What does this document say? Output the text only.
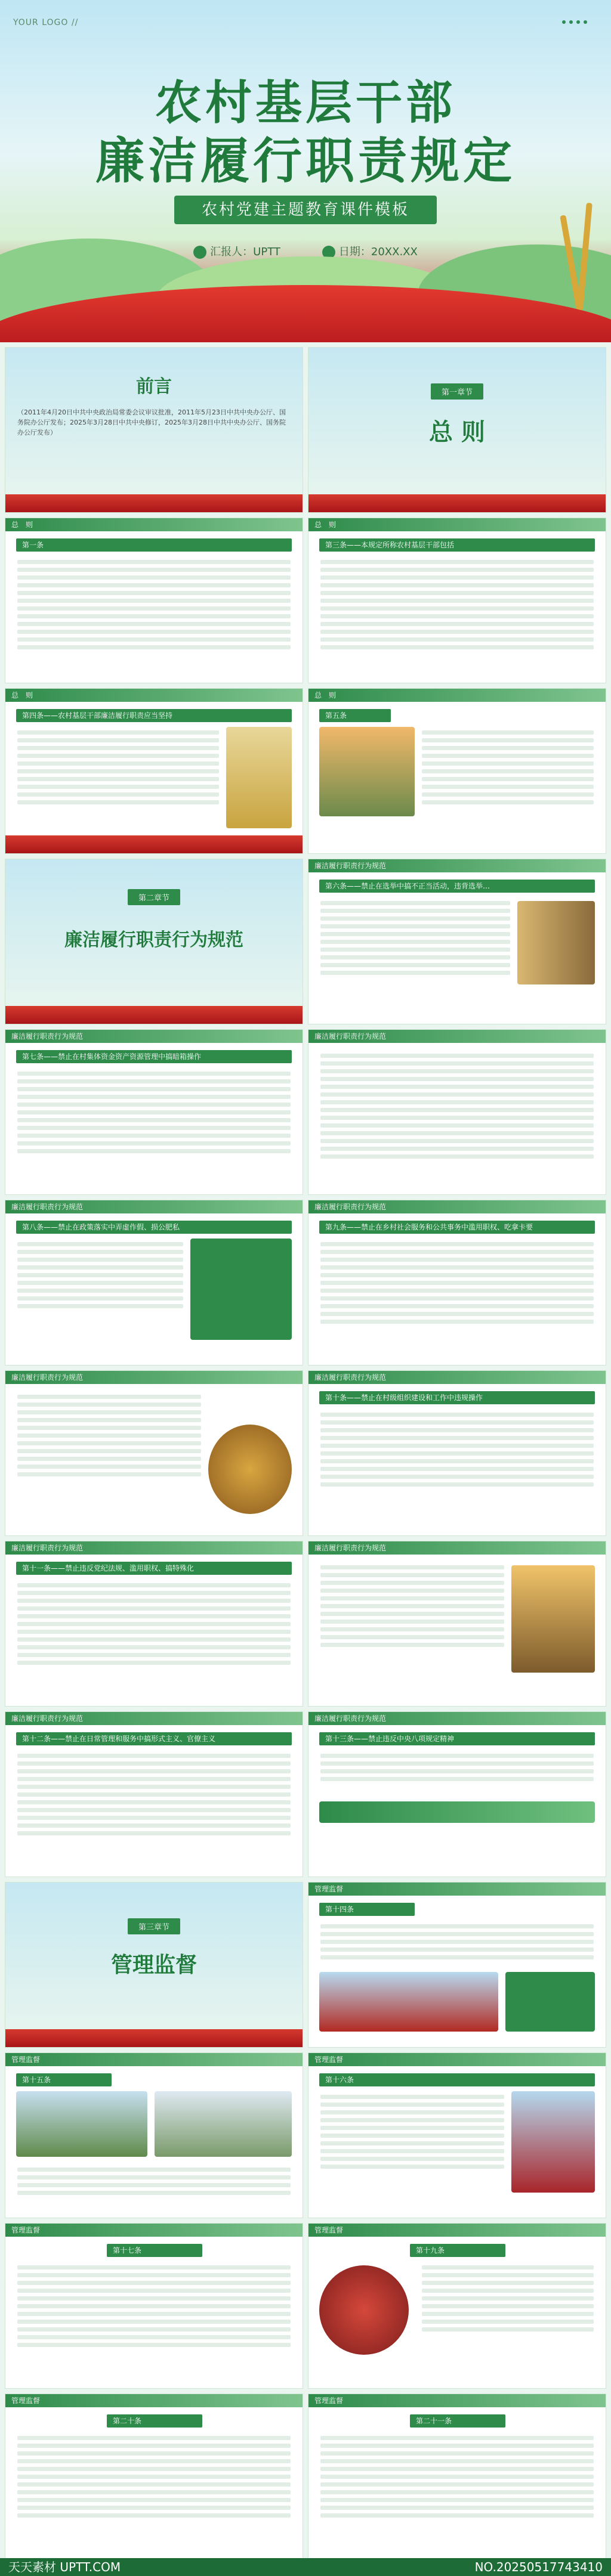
YOUR LOGO //
农村基层干部
廉洁履行职责规定
农村党建主题教育课件模板
汇报人：UPTT	日期：20XX.XX
前言
（2011年4月20日中共中央政治局常委会议审议批准，2011年5月23日中共中央办公厅、国务院办公厅发布；2025年3月28日中共中央修订，2025年3月28日中共中央办公厅、国务院办公厅发布）
第一章节
总 则
总　则
第一条
总　则
第三条——本规定所称农村基层干部包括
总　则
第四条——农村基层干部廉洁履行职责应当坚持
总　则
第五条
第二章节
廉洁履行职责行为规范
廉洁履行职责行为规范
第六条——禁止在选举中搞不正当活动，违背选举…
廉洁履行职责行为规范
第七条——禁止在村集体资金资产资源管理中搞暗箱操作
廉洁履行职责行为规范
廉洁履行职责行为规范
第八条——禁止在政策落实中弄虚作假、损公肥私
廉洁履行职责行为规范
第九条——禁止在乡村社会服务和公共事务中滥用职权、吃拿卡要
廉洁履行职责行为规范	廉洁履行职责行为规范
第十条——禁止在村级组织建设和工作中违规操作
廉洁履行职责行为规范
第十一条——禁止违反党纪法规、滥用职权、搞特殊化
廉洁履行职责行为规范
廉洁履行职责行为规范
第十二条——禁止在日常管理和服务中搞形式主义、官僚主义
廉洁履行职责行为规范
第十三条——禁止违反中央八项规定精神
第三章节
管理监督
管理监督
第十四条
管理监督
第十五条
管理监督
第十六条
管理监督
第十七条
管理监督
第十九条
管理监督
第二十条
管理监督
第二十一条
天天素材 UPTT.COM	NO.20250517743410
